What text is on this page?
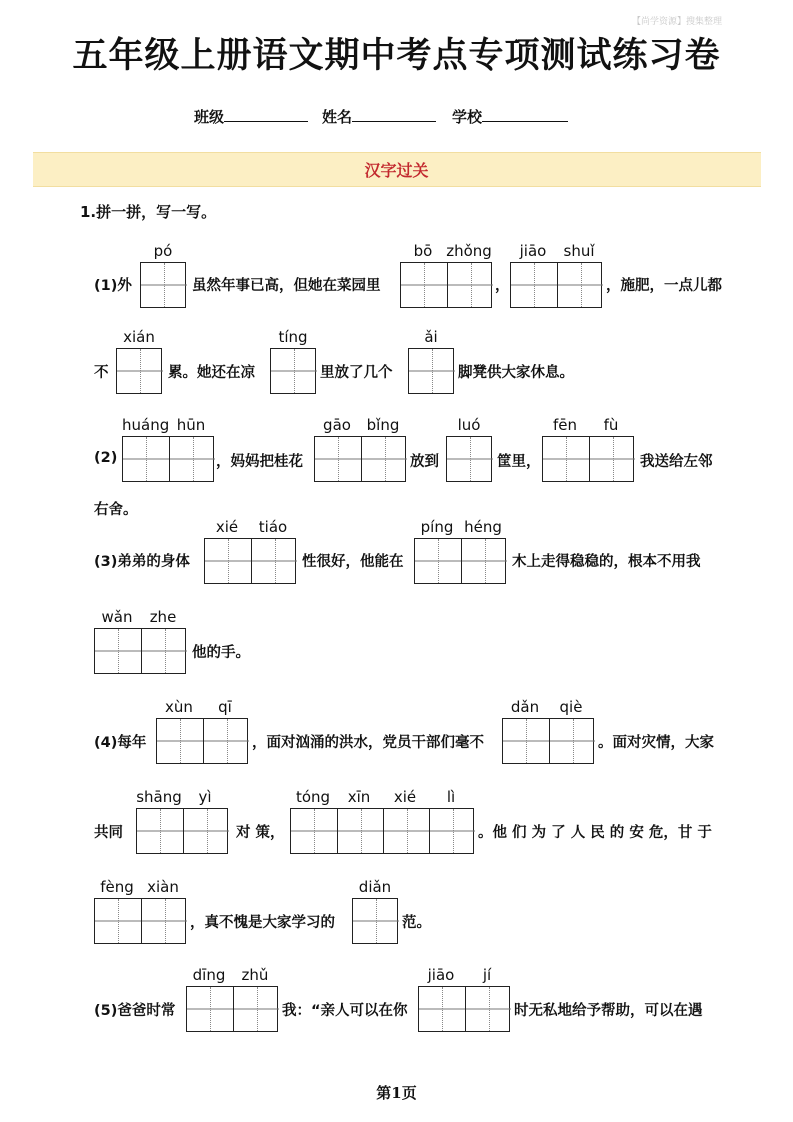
【尚学资源】搜集整理
五年级上册语文期中考点专项测试练习卷
班级	姓名	学校
汉字过关
1.拼一拼，写一写。
(1)外
pó
虽然年事已高，但她在菜园里
bō zhǒng
，
jiāo	shuǐ
，施肥，一点儿都
不
xián
累。她还在凉
tíng
里放了几个
ǎi
脚凳供大家休息。
(2)
huáng hūn
，妈妈把桂花
gāo	bǐng
放到
luó
筐里，
fēn	fù
我送给左邻
右舍。
(3)弟弟的身体
xié	tiáo
性很好，他能在
píng héng
木上走得稳稳的，根本不用我
wǎn	zhe
他的手。
(4)每年
xùn	qī
，面对汹涌的洪水，党员干部们毫不
dǎn	qiè
。面对灾情，大家
共同
shāng	yì
对 策，
tóng	xīn	xié	lì
。他 们 为 了 人 民 的 安 危，甘 于
fèng xiàn
，真不愧是大家学习的
diǎn
范。
(5)爸爸时常
dīng	zhǔ
我：“亲人可以在你
jiāo	jí
时无私地给予帮助，可以在遇
第1页
